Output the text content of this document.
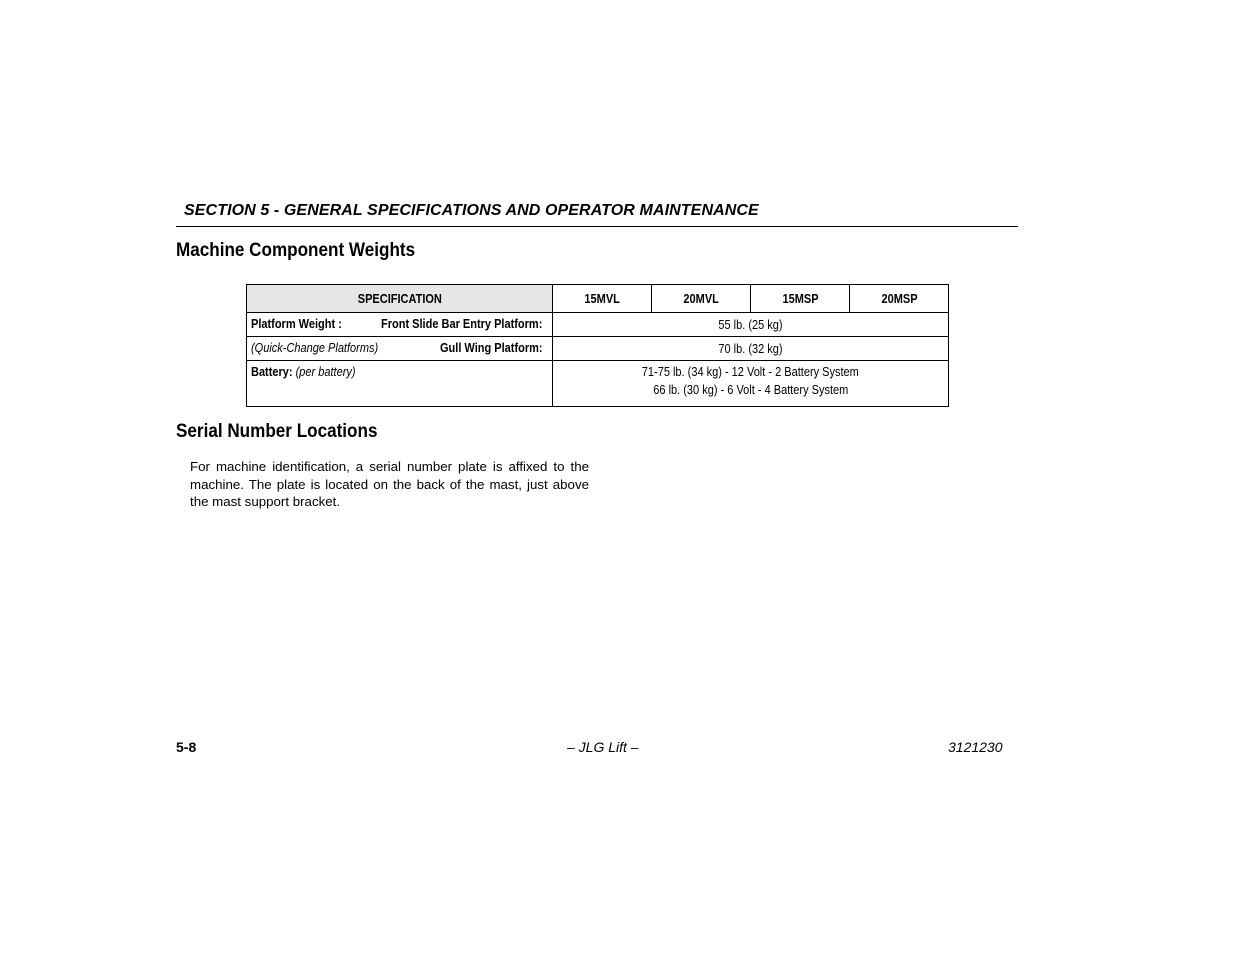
SECTION 5 - GENERAL SPECIFICATIONS AND OPERATOR MAINTENANCE
Machine Component Weights
SPECIFICATION	15MVL	20MVL	15MSP	20MSP

Platform Weight : Front Slide Bar Entry Platform:	55 lb. (25 kg)			

(Quick-Change Platforms) Gull Wing Platform:	70 lb. (32 kg)			
Battery: (per battery)	71-75 lb. (34 kg) - 12 Volt - 2 Battery System
66 lb. (30 kg) - 6 Volt - 4 Battery System			
Serial Number Locations
For machine identification, a serial number plate is affixed to the machine. The plate is located on the back of the mast, just above the mast support bracket.
5-8	– JLG Lift –	3121230
